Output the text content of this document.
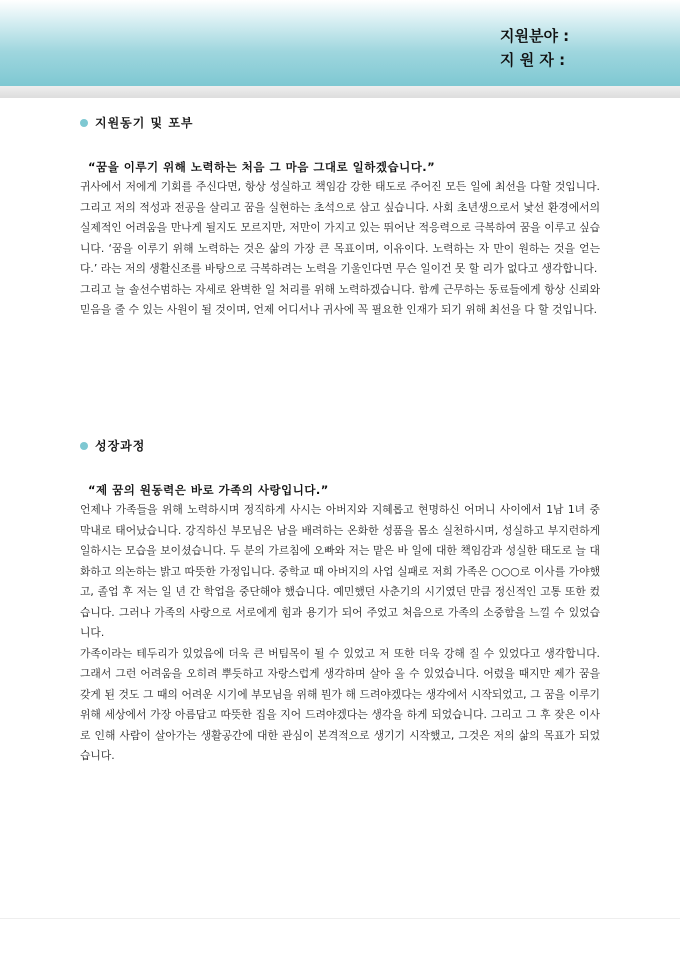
지원분야 :
지 원 자 :
지원동기 및 포부
“꿈을 이루기 위해 노력하는 처음 그 마음 그대로 일하겠습니다.”

귀사에서 저에게 기회를 주신다면, 항상 성실하고 책임감 강한 태도로 주어진 모든 일에 최선을 다할 것입니다. 그리고 저의 적성과 전공을 살리고 꿈을 실현하는 초석으로 삼고 싶습니다. 사회 초년생으로서 낯선 환경에서의 실제적인 어려움을 만나게 될지도 모르지만, 저만이 가지고 있는 뛰어난 적응력으로 극복하여 꿈을 이루고 싶습니다. ‘꿈을 이루기 위해 노력하는 것은 삶의 가장 큰 목표이며, 이유이다. 노력하는 자 만이 원하는 것을 얻는다.’ 라는 저의 생활신조를 바탕으로 극복하려는 노력을 기울인다면 무슨 일이건 못 할 리가 없다고 생각합니다.

그리고 늘 솔선수범하는 자세로 완벽한 일 처리를 위해 노력하겠습니다. 함께 근무하는 동료들에게 항상 신뢰와 믿음을 줄 수 있는 사원이 될 것이며, 언제 어디서나 귀사에 꼭 필요한 인재가 되기 위해 최선을 다 할 것입니다.

성장과정
“제 꿈의 원동력은 바로 가족의 사랑입니다.”

언제나 가족들을 위해 노력하시며 정직하게 사시는 아버지와 지혜롭고 현명하신 어머니 사이에서 1남 1녀 중 막내로 태어났습니다. 강직하신 부모님은 남을 배려하는 온화한 성품을 몸소 실천하시며, 성실하고 부지런하게 일하시는 모습을 보이셨습니다. 두 분의 가르침에 오빠와 저는 맡은 바 일에 대한 책임감과 성실한 태도로 늘 대화하고 의논하는 밝고 따뜻한 가정입니다. 중학교 때 아버지의 사업 실패로 저희 가족은 ○○○로 이사를 가야했고, 졸업 후 저는 일 년 간 학업을 중단해야 했습니다. 예민했던 사춘기의 시기였던 만큼 정신적인 고통 또한 컸습니다. 그러나 가족의 사랑으로 서로에게 힘과 용기가 되어 주었고 처음으로 가족의 소중함을 느낄 수 있었습니다.

가족이라는 테두리가 있었음에 더욱 큰 버팀목이 될 수 있었고 저 또한 더욱 강해 질 수 있었다고 생각합니다. 그래서 그런 어려움을 오히려 뿌듯하고 자랑스럽게 생각하며 살아 올 수 있었습니다. 어렸을 때지만 제가 꿈을 갖게 된 것도 그 때의 어려운 시기에 부모님을 위해 뭔가 해 드려야겠다는 생각에서 시작되었고, 그 꿈을 이루기 위해 세상에서 가장 아름답고 따뜻한 집을 지어 드려야겠다는 생각을 하게 되었습니다. 그리고 그 후 잦은 이사로 인해 사람이 살아가는 생활공간에 대한 관심이 본격적으로 생기기 시작했고, 그것은 저의 삶의 목표가 되었습니다.
